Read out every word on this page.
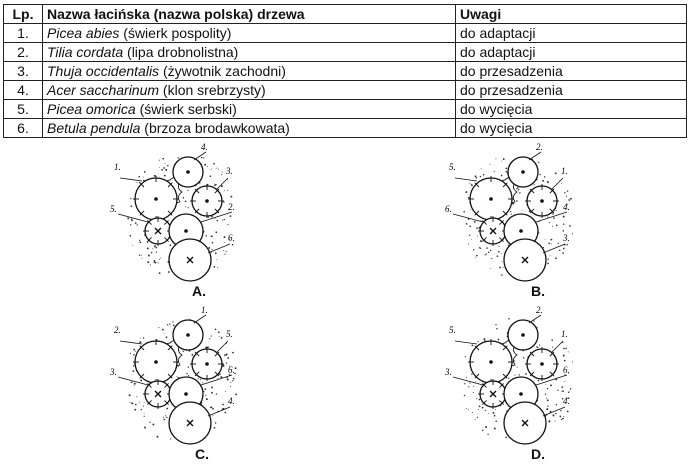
Lp.	Nazwa łacińska (nazwa polska) drzewa	Uwagi
1.	Picea abies (świerk pospolity)	do adaptacji
2.	Tilia cordata (lipa drobnolistna)	do adaptacji
3.	Thuja occidentalis (żywotnik zachodni)	do przesadzenia
4.	Acer saccharinum (klon srebrzysty)	do przesadzenia
5.	Picea omorica (świerk serbski)	do wycięcia
6.	Betula pendula (brzoza brodawkowata)	do wycięcia
4.
1.	3.
5.	2.
6.
A.
2.
5.	1.
6.	4.
3.
B.
1.
2.	5.
3.	6.
4.
C.
2.
5.	1.
3.	6.
4.
D.
